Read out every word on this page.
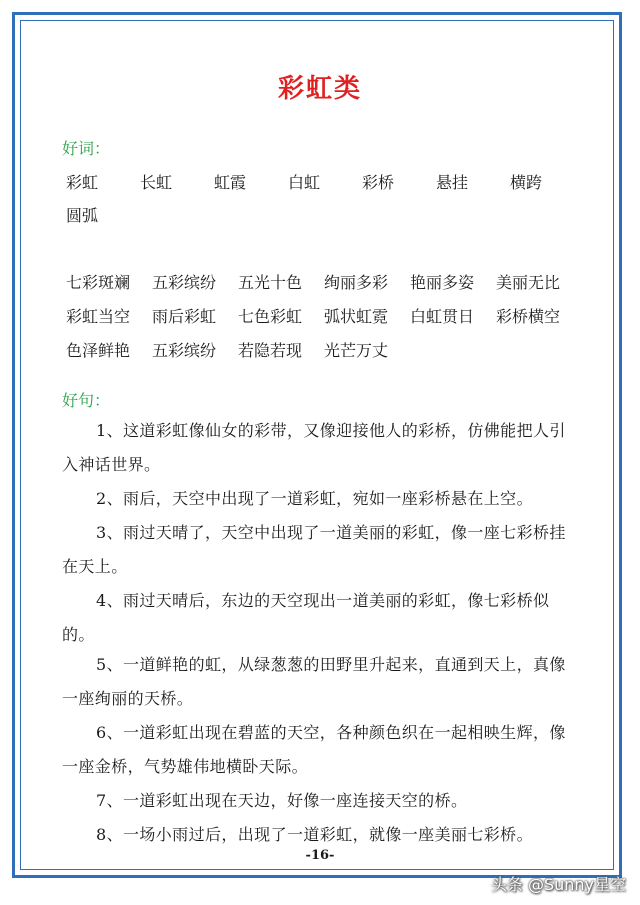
彩虹类
好词：
彩虹	长虹	虹霞	白虹	彩桥	悬挂	横跨
圆弧
七彩斑斓 五彩缤纷 五光十色 绚丽多彩 艳丽多姿 美丽无比
彩虹当空 雨后彩虹 七色彩虹 弧状虹霓 白虹贯日 彩桥横空
色泽鲜艳 五彩缤纷 若隐若现 光芒万丈
好句：
1、这道彩虹像仙女的彩带，又像迎接他人的彩桥，仿佛能把人引入神话世界。
2、雨后，天空中出现了一道彩虹，宛如一座彩桥悬在上空。
3、雨过天晴了，天空中出现了一道美丽的彩虹，像一座七彩桥挂在天上。
4、雨过天晴后，东边的天空现出一道美丽的彩虹，像七彩桥似的。
5、一道鲜艳的虹，从绿葱葱的田野里升起来，直通到天上，真像一座绚丽的天桥。
6、一道彩虹出现在碧蓝的天空，各种颜色织在一起相映生辉，像一座金桥，气势雄伟地横卧天际。
7、一道彩虹出现在天边，好像一座连接天空的桥。
8、一场小雨过后，出现了一道彩虹，就像一座美丽七彩桥。
-16-
头条 @Sunny星空
